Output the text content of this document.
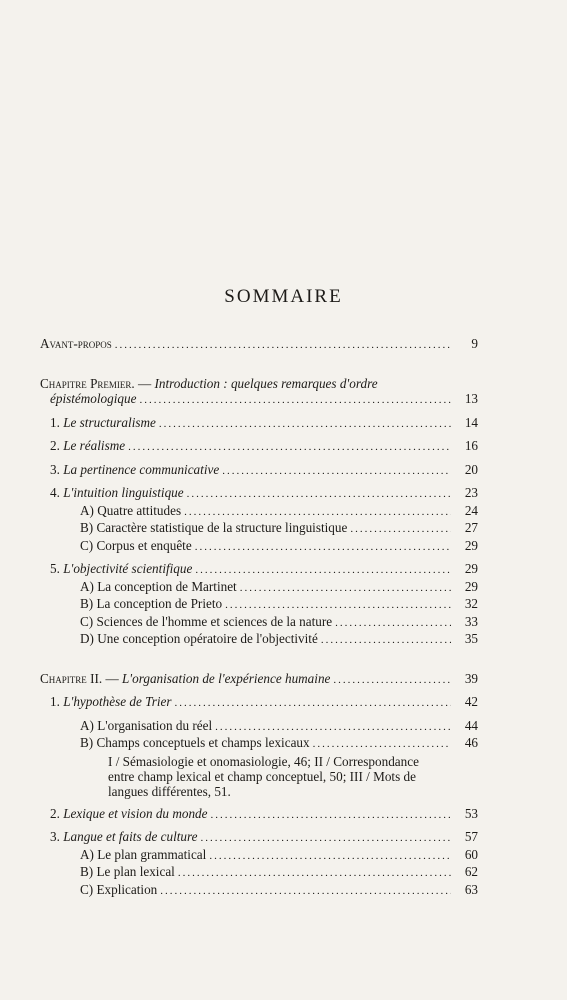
SOMMAIRE
Avant-propos .....	9
Chapitre Premier. — Introduction : quelques remarques d'ordre
épistémologique .....	13
1. Le structuralisme .....	14
2. Le réalisme .....	16
3. La pertinence communicative .....	20
4. L'intuition linguistique .....	23
A) Quatre attitudes .....	24
B) Caractère statistique de la structure linguistique .....	27
C) Corpus et enquête .....	29
5. L'objectivité scientifique .....	29
A) La conception de Martinet .....	29
B) La conception de Prieto .....	32
C) Sciences de l'homme et sciences de la nature .....	33
D) Une conception opératoire de l'objectivité .....	35
Chapitre II. — L'organisation de l'expérience humaine .....	39
1. L'hypothèse de Trier .....	42
A) L'organisation du réel .....	44
B) Champs conceptuels et champs lexicaux .....	46
I / Sémasiologie et onomasiologie, 46; II / Correspondance entre champ lexical et champ conceptuel, 50; III / Mots de langues différentes, 51.
2. Lexique et vision du monde .....	53
3. Langue et faits de culture .....	57
A) Le plan grammatical .....	60
B) Le plan lexical .....	62
C) Explication .....	63
